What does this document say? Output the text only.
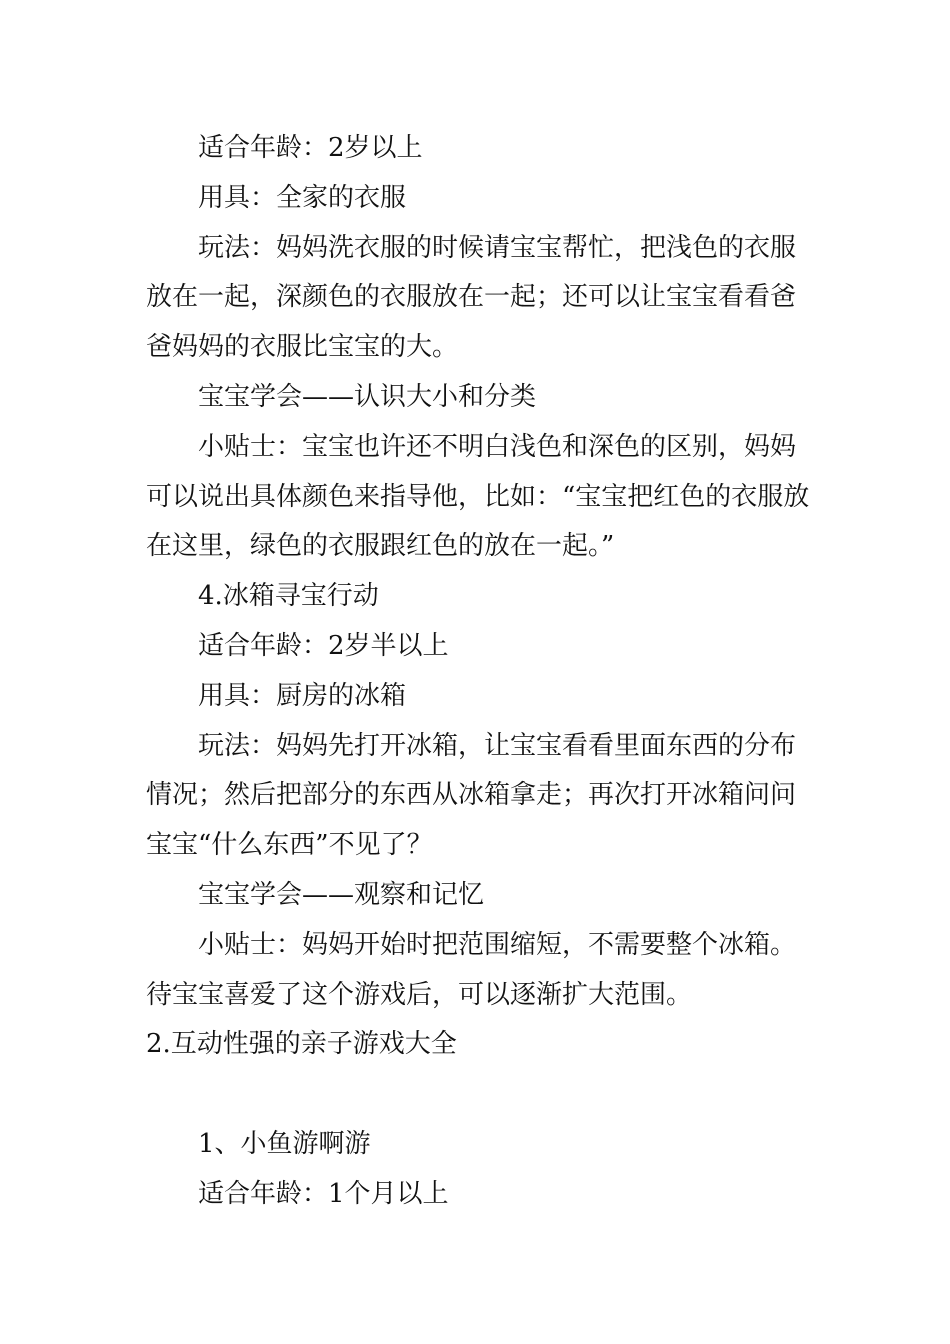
适合年龄：2岁以上

用具：全家的衣服

玩法：妈妈洗衣服的时候请宝宝帮忙，把浅色的衣服放在一起，深颜色的衣服放在一起；还可以让宝宝看看爸爸妈妈的衣服比宝宝的大。

宝宝学会——认识大小和分类

小贴士：宝宝也许还不明白浅色和深色的区别，妈妈可以说出具体颜色来指导他，比如：“宝宝把红色的衣服放在这里，绿色的衣服跟红色的放在一起。”

4.冰箱寻宝行动

适合年龄：2岁半以上

用具：厨房的冰箱

玩法：妈妈先打开冰箱，让宝宝看看里面东西的分布情况；然后把部分的东西从冰箱拿走；再次打开冰箱问问宝宝“什么东西”不见了？

宝宝学会——观察和记忆

小贴士：妈妈开始时把范围缩短，不需要整个冰箱。待宝宝喜爱了这个游戏后，可以逐渐扩大范围。

2.互动性强的亲子游戏大全

1、小鱼游啊游

适合年龄：1个月以上
